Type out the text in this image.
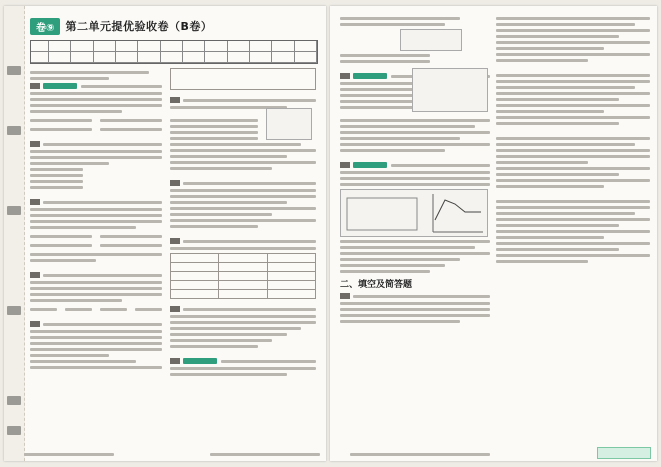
卷⑨	第二单元提优验收卷（B卷）

二、填空及简答题
